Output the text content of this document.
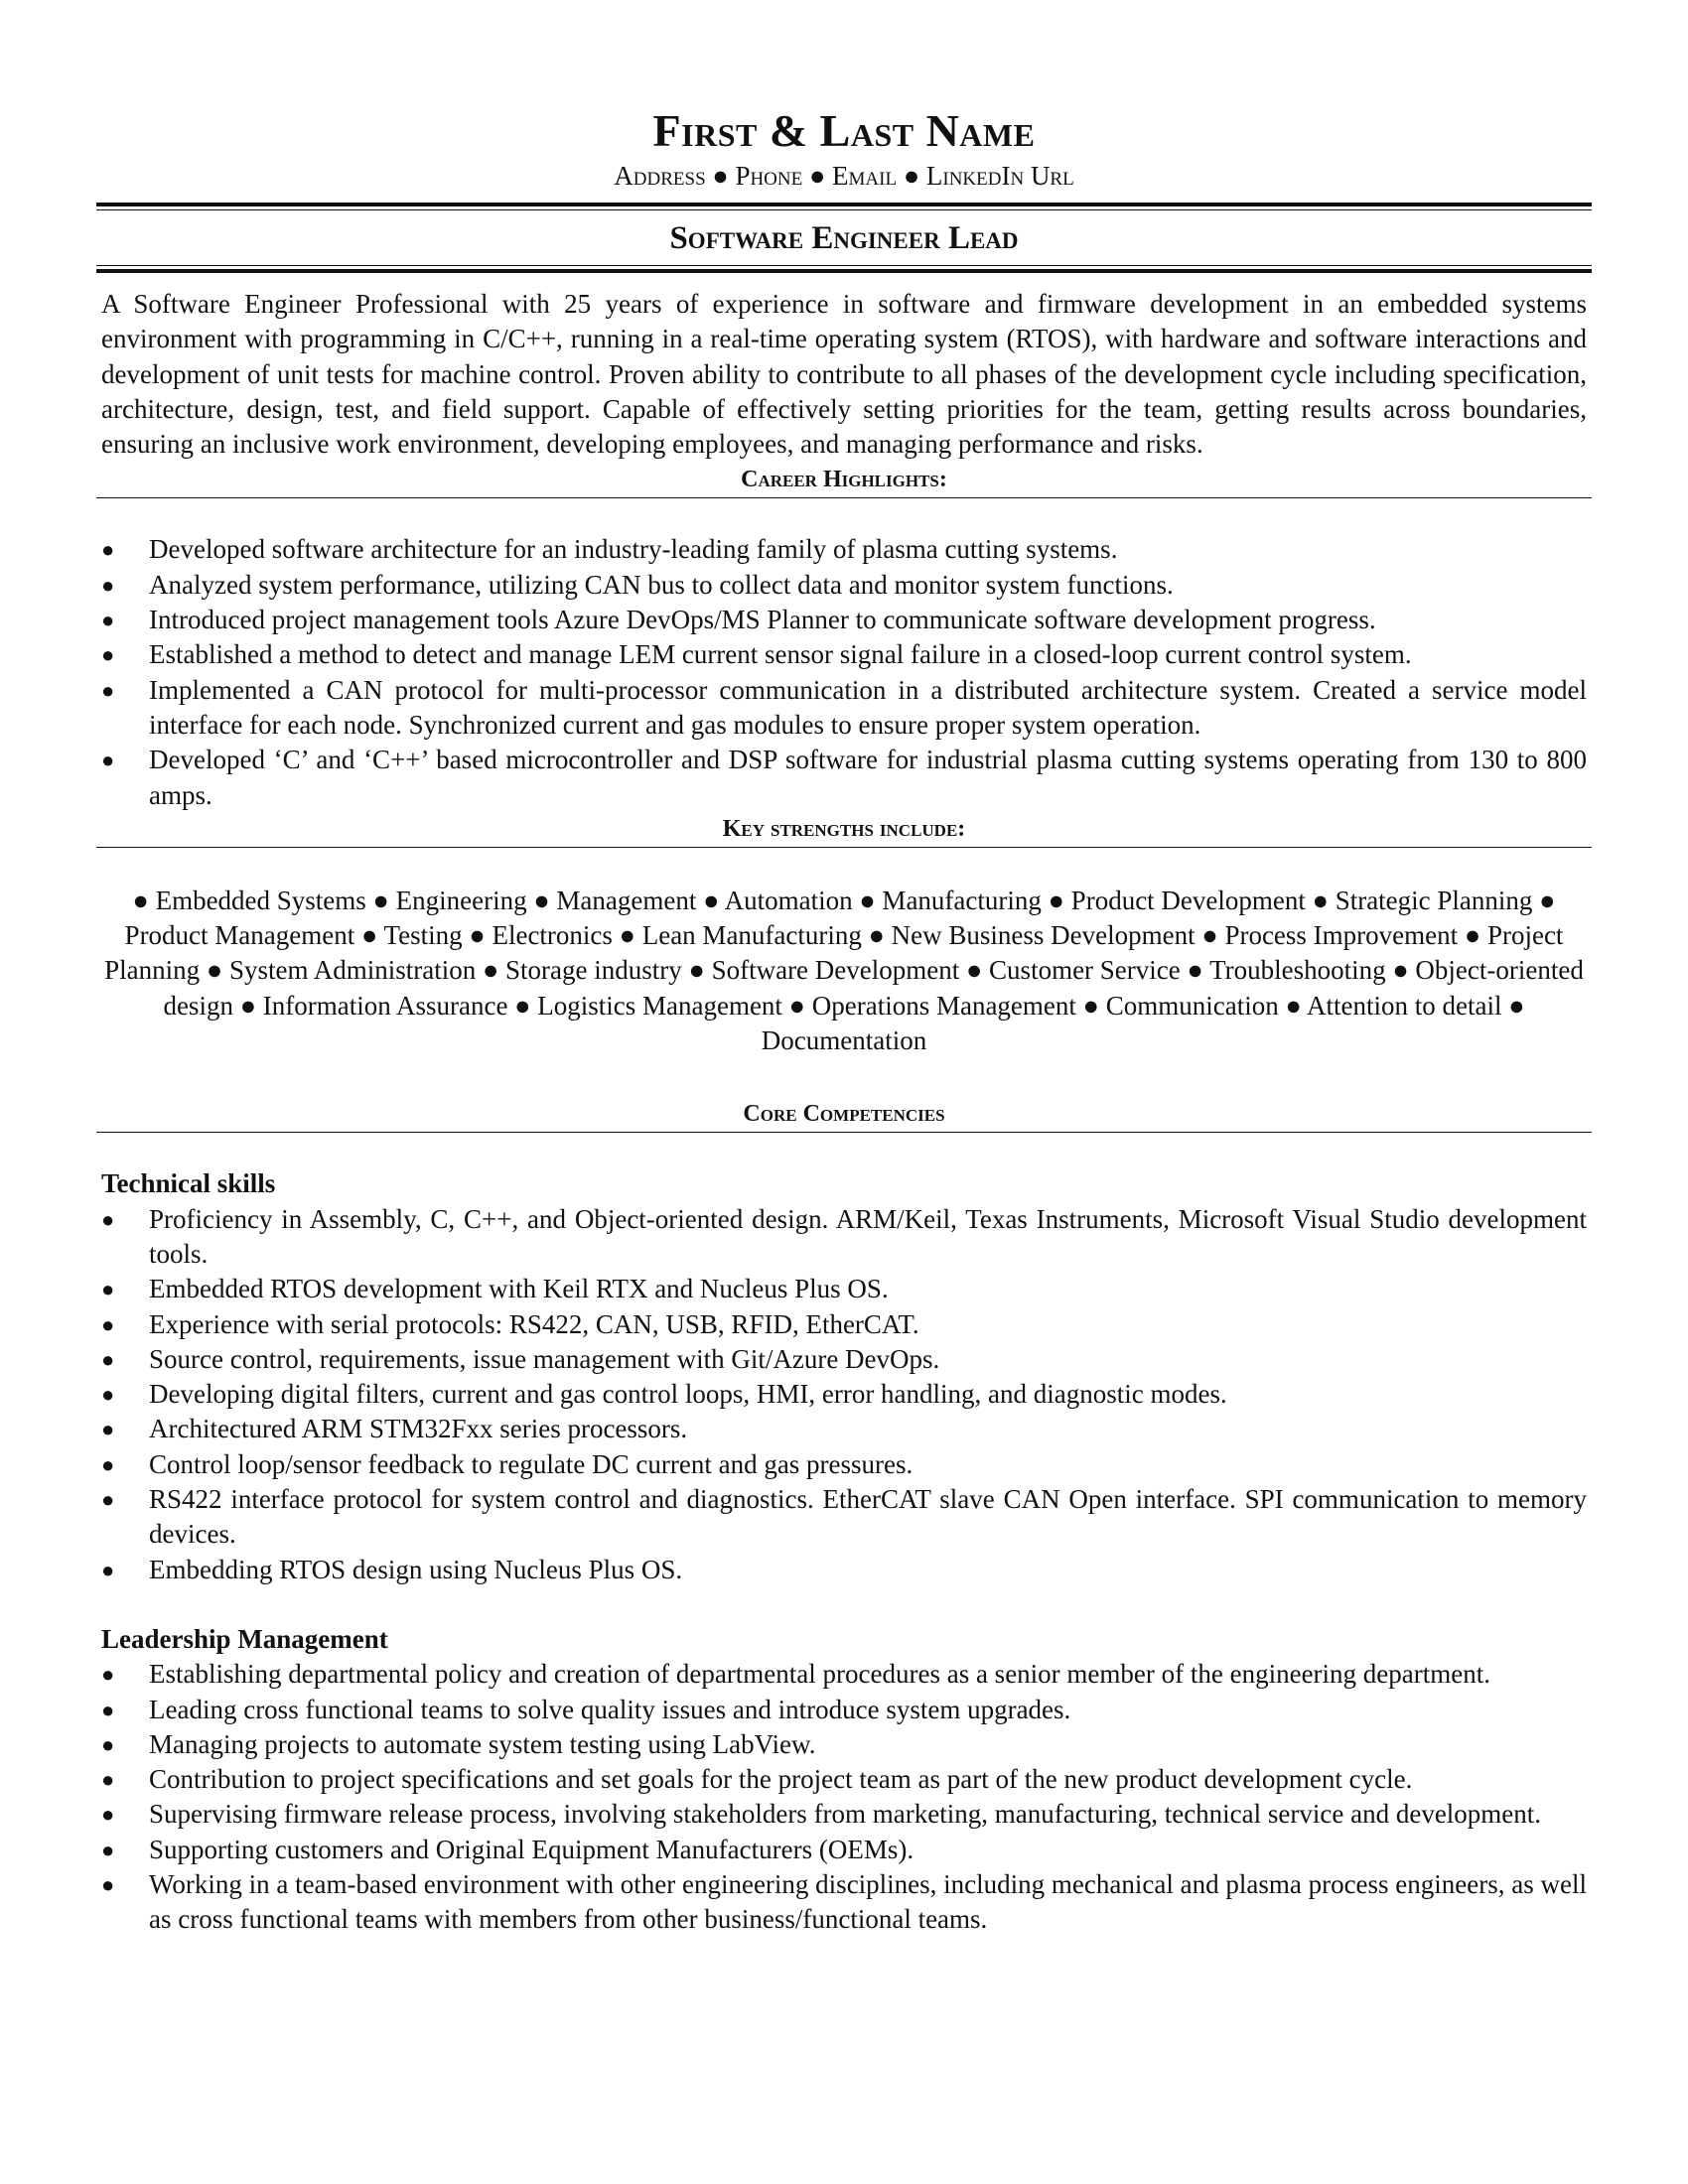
First & Last Name
Address ● Phone ● Email ● LinkedIn Url
Software Engineer Lead
A Software Engineer Professional with 25 years of experience in software and firmware development in an embedded systems environment with programming in C/C++, running in a real-time operating system (RTOS), with hardware and software interactions and development of unit tests for machine control. Proven ability to contribute to all phases of the development cycle including specification, architecture, design, test, and field support. Capable of effectively setting priorities for the team, getting results across boundaries, ensuring an inclusive work environment, developing employees, and managing performance and risks.
Career Highlights:
● Developed software architecture for an industry-leading family of plasma cutting systems.
● Analyzed system performance, utilizing CAN bus to collect data and monitor system functions.
● Introduced project management tools Azure DevOps/MS Planner to communicate software development progress.
● Established a method to detect and manage LEM current sensor signal failure in a closed-loop current control system.
● Implemented a CAN protocol for multi-processor communication in a distributed architecture system. Created a service model interface for each node. Synchronized current and gas modules to ensure proper system operation.
● Developed ‘C’ and ‘C++’ based microcontroller and DSP software for industrial plasma cutting systems operating from 130 to 800 amps.
Key strengths include:
● Embedded Systems ● Engineering ● Management ● Automation ● Manufacturing ● Product Development ● Strategic Planning ● Product Management ● Testing ● Electronics ● Lean Manufacturing ● New Business Development ● Process Improvement ● Project Planning ● System Administration ● Storage industry ● Software Development ● Customer Service ● Troubleshooting ● Object-oriented design ● Information Assurance ● Logistics Management ● Operations Management ● Communication ● Attention to detail ● Documentation
Core Competencies
Technical skills
● Proficiency in Assembly, C, C++, and Object-oriented design. ARM/Keil, Texas Instruments, Microsoft Visual Studio development tools.
● Embedded RTOS development with Keil RTX and Nucleus Plus OS.
● Experience with serial protocols: RS422, CAN, USB, RFID, EtherCAT.
● Source control, requirements, issue management with Git/Azure DevOps.
● Developing digital filters, current and gas control loops, HMI, error handling, and diagnostic modes.
● Architectured ARM STM32Fxx series processors.
● Control loop/sensor feedback to regulate DC current and gas pressures.
● RS422 interface protocol for system control and diagnostics. EtherCAT slave CAN Open interface. SPI communication to memory devices.
● Embedding RTOS design using Nucleus Plus OS.
Leadership Management
● Establishing departmental policy and creation of departmental procedures as a senior member of the engineering department.
● Leading cross functional teams to solve quality issues and introduce system upgrades.
● Managing projects to automate system testing using LabView.
● Contribution to project specifications and set goals for the project team as part of the new product development cycle.
● Supervising firmware release process, involving stakeholders from marketing, manufacturing, technical service and development.
● Supporting customers and Original Equipment Manufacturers (OEMs).
● Working in a team-based environment with other engineering disciplines, including mechanical and plasma process engineers, as well as cross functional teams with members from other business/functional teams.
